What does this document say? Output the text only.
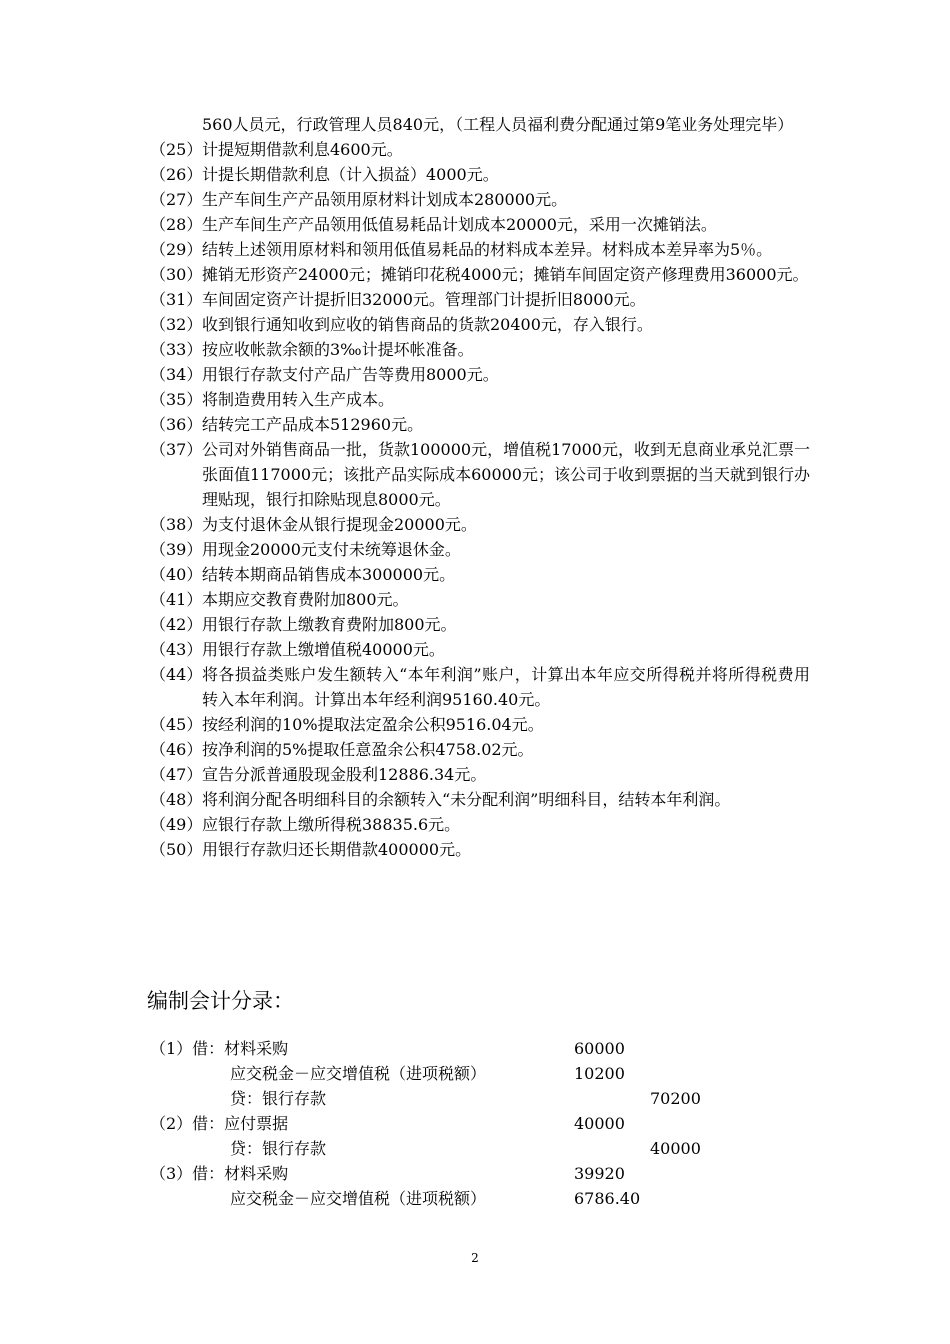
560人员元，行政管理人员840元，（工程人员福利费分配通过第9笔业务处理完毕）
（25） 计提短期借款利息4600元。
（26） 计提长期借款利息（计入损益）4000元。
（27） 生产车间生产产品领用原材料计划成本280000元。
（28） 生产车间生产产品领用低值易耗品计划成本20000元，采用一次摊销法。
（29） 结转上述领用原材料和领用低值易耗品的材料成本差异。材料成本差异率为5％。
（30） 摊销无形资产24000元；摊销印花税4000元；摊销车间固定资产修理费用36000元。
（31） 车间固定资产计提折旧32000元。管理部门计提折旧8000元。
（32） 收到银行通知收到应收的销售商品的货款20400元，存入银行。
（33） 按应收帐款余额的3‰计提坏帐准备。
（34） 用银行存款支付产品广告等费用8000元。
（35） 将制造费用转入生产成本。
（36） 结转完工产品成本512960元。
（37） 公司对外销售商品一批，货款100000元，增值税17000元，收到无息商业承兑汇票一张面值117000元；该批产品实际成本60000元；该公司于收到票据的当天就到银行办理贴现，银行扣除贴现息8000元。
（38） 为支付退休金从银行提现金20000元。
（39） 用现金20000元支付未统筹退休金。
（40） 结转本期商品销售成本300000元。
（41） 本期应交教育费附加800元。
（42） 用银行存款上缴教育费附加800元。
（43） 用银行存款上缴增值税40000元。
（44） 将各损益类账户发生额转入“本年利润”账户，计算出本年应交所得税并将所得税费用转入本年利润。计算出本年经利润95160.40元。
（45） 按经利润的10%提取法定盈余公积9516.04元。
（46） 按净利润的5%提取任意盈余公积4758.02元。
（47） 宣告分派普通股现金股利12886.34元。
（48） 将利润分配各明细科目的余额转入“未分配利润”明细科目，结转本年利润。
（49） 应银行存款上缴所得税38835.6元。
（50） 用银行存款归还长期借款400000元。
编制会计分录：
（1）借：材料采购	60000
应交税金－应交增值税（进项税额）	10200
贷：银行存款	70200
（2）借：应付票据	40000
贷：银行存款	40000
（3）借：材料采购	39920
应交税金－应交增值税（进项税额）	6786.40
2
